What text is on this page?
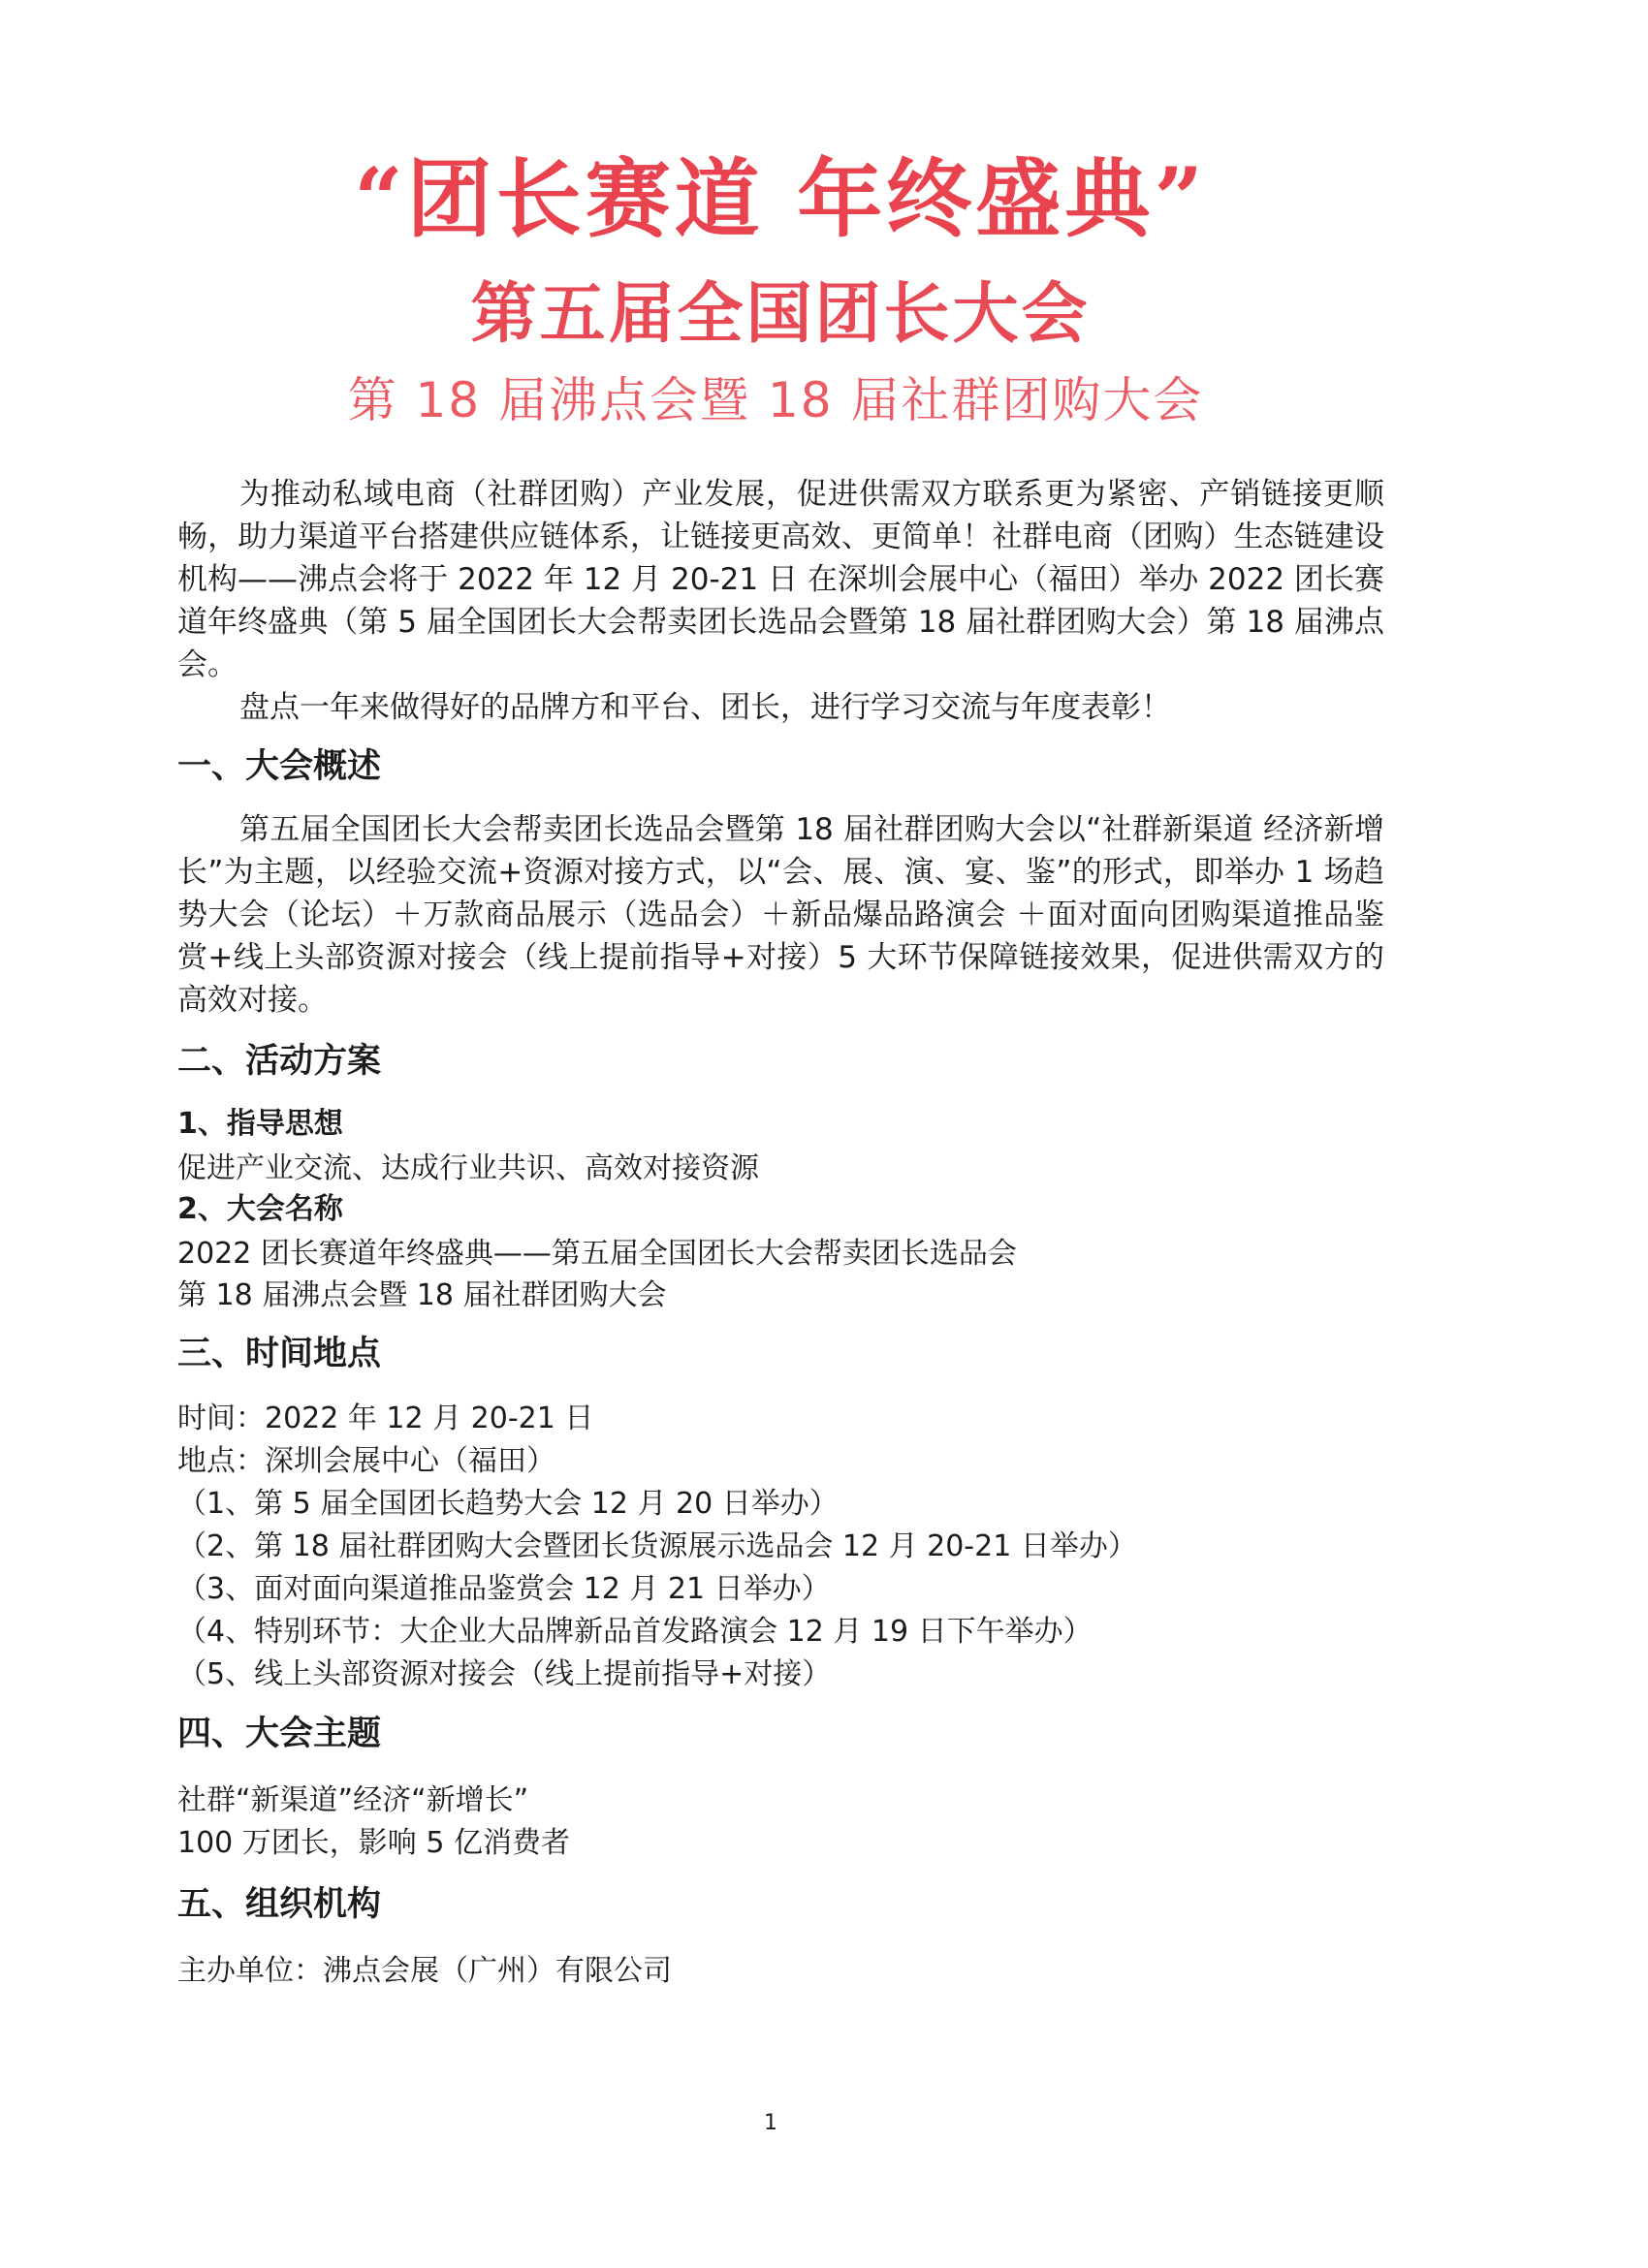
“团长赛道 年终盛典”
第五届全国团长大会
第 18 届沸点会暨 18 届社群团购大会

为推动私域电商（社群团购）产业发展，促进供需双方联系更为紧密、产销链接更顺畅，助力渠道平台搭建供应链体系，让链接更高效、更简单！社群电商（团购）生态链建设机构——沸点会将于 2022 年 12 月 20-21 日 在深圳会展中心（福田）举办 2022 团长赛道年终盛典（第 5 届全国团长大会帮卖团长选品会暨第 18 届社群团购大会）第 18 届沸点会。

盘点一年来做得好的品牌方和平台、团长，进行学习交流与年度表彰！

一、大会概述

第五届全国团长大会帮卖团长选品会暨第 18 届社群团购大会以“社群新渠道 经济新增长”为主题，以经验交流+资源对接方式，以“会、展、演、宴、鉴”的形式，即举办 1 场趋势大会（论坛）＋万款商品展示（选品会）＋新品爆品路演会 ＋面对面向团购渠道推品鉴赏+线上头部资源对接会（线上提前指导+对接）5 大环节保障链接效果，促进供需双方的高效对接。

二、活动方案
1、指导思想

促进产业交流、达成行业共识、高效对接资源

2、大会名称

2022 团长赛道年终盛典——第五届全国团长大会帮卖团长选品会

第 18 届沸点会暨 18 届社群团购大会

三、时间地点

时间：2022 年 12 月 20-21 日

地点：深圳会展中心（福田）

（1、第 5 届全国团长趋势大会 12 月 20 日举办）

（2、第 18 届社群团购大会暨团长货源展示选品会 12 月 20-21 日举办）

（3、面对面向渠道推品鉴赏会 12 月 21 日举办）

（4、特别环节：大企业大品牌新品首发路演会 12 月 19 日下午举办）

（5、线上头部资源对接会（线上提前指导+对接）

四、大会主题

社群“新渠道”经济“新增长”

100 万团长，影响 5 亿消费者

五、组织机构

主办单位：沸点会展（广州）有限公司

1
